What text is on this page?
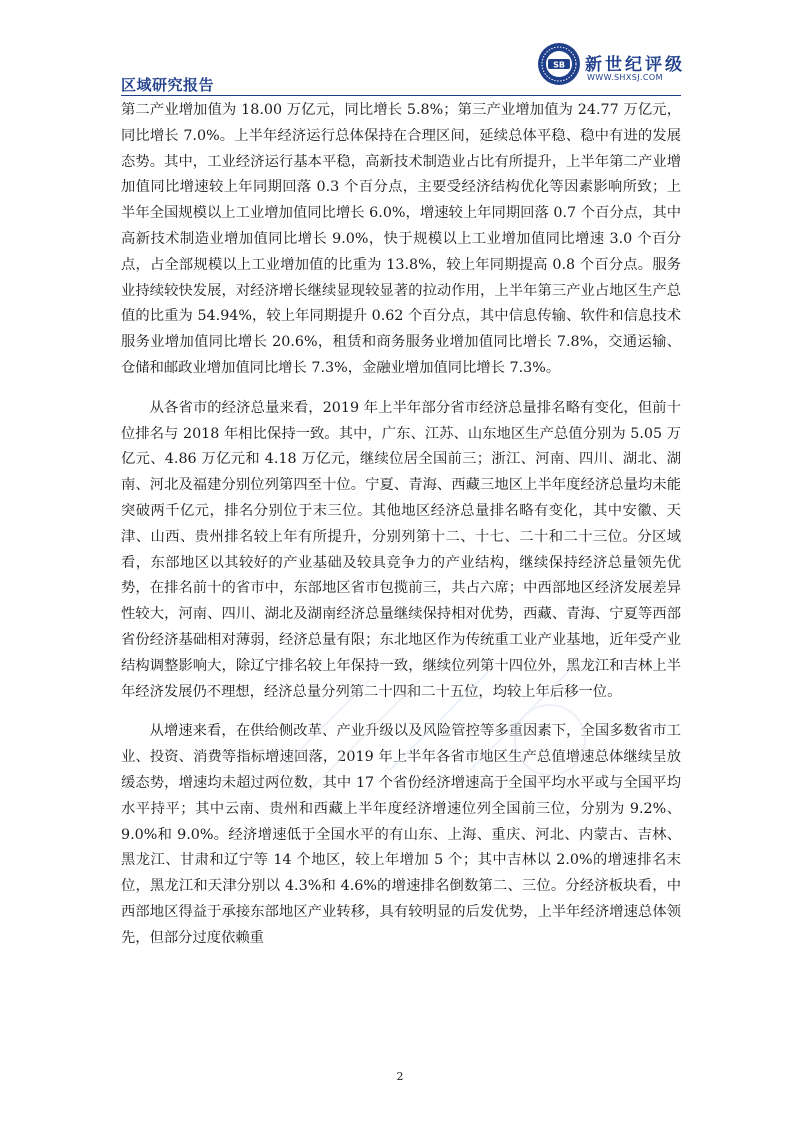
SB 新世纪评级
WWW.SHXSJ.COM
区域研究报告

第二产业增加值为 18.00 万亿元，同比增长 5.8%；第三产业增加值为 24.77 万亿元，同比增长 7.0%。上半年经济运行总体保持在合理区间，延续总体平稳、稳中有进的发展态势。其中，工业经济运行基本平稳，高新技术制造业占比有所提升，上半年第二产业增加值同比增速较上年同期回落 0.3 个百分点，主要受经济结构优化等因素影响所致；上半年全国规模以上工业增加值同比增长 6.0%，增速较上年同期回落 0.7 个百分点，其中高新技术制造业增加值同比增长 9.0%，快于规模以上工业增加值同比增速 3.0 个百分点，占全部规模以上工业增加值的比重为 13.8%，较上年同期提高 0.8 个百分点。服务业持续较快发展，对经济增长继续显现较显著的拉动作用，上半年第三产业占地区生产总值的比重为 54.94%，较上年同期提升 0.62 个百分点，其中信息传输、软件和信息技术服务业增加值同比增长 20.6%，租赁和商务服务业增加值同比增长 7.8%，交通运输、仓储和邮政业增加值同比增长 7.3%，金融业增加值同比增长 7.3%。

从各省市的经济总量来看，2019 年上半年部分省市经济总量排名略有变化，但前十位排名与 2018 年相比保持一致。其中，广东、江苏、山东地区生产总值分别为 5.05 万亿元、4.86 万亿元和 4.18 万亿元，继续位居全国前三；浙江、河南、四川、湖北、湖南、河北及福建分别位列第四至十位。宁夏、青海、西藏三地区上半年度经济总量均未能突破两千亿元，排名分别位于末三位。其他地区经济总量排名略有变化，其中安徽、天津、山西、贵州排名较上年有所提升，分别列第十二、十七、二十和二十三位。分区域看，东部地区以其较好的产业基础及较具竞争力的产业结构，继续保持经济总量领先优势，在排名前十的省市中，东部地区省市包揽前三，共占六席；中西部地区经济发展差异性较大，河南、四川、湖北及湖南经济总量继续保持相对优势，西藏、青海、宁夏等西部省份经济基础相对薄弱，经济总量有限；东北地区作为传统重工业产业基地，近年受产业结构调整影响大，除辽宁排名较上年保持一致，继续位列第十四位外，黑龙江和吉林上半年经济发展仍不理想，经济总量分列第二十四和二十五位，均较上年后移一位。

从增速来看，在供给侧改革、产业升级以及风险管控等多重因素下，全国多数省市工业、投资、消费等指标增速回落，2019 年上半年各省市地区生产总值增速总体继续呈放缓态势，增速均未超过两位数，其中 17 个省份经济增速高于全国平均水平或与全国平均水平持平；其中云南、贵州和西藏上半年度经济增速位列全国前三位，分别为 9.2%、9.0%和 9.0%。经济增速低于全国水平的有山东、上海、重庆、河北、内蒙古、吉林、黑龙江、甘肃和辽宁等 14 个地区，较上年增加 5 个；其中吉林以 2.0%的增速排名末位，黑龙江和天津分别以 4.3%和 4.6%的增速排名倒数第二、三位。分经济板块看，中西部地区得益于承接东部地区产业转移，具有较明显的后发优势，上半年经济增速总体领先，但部分过度依赖重

2
